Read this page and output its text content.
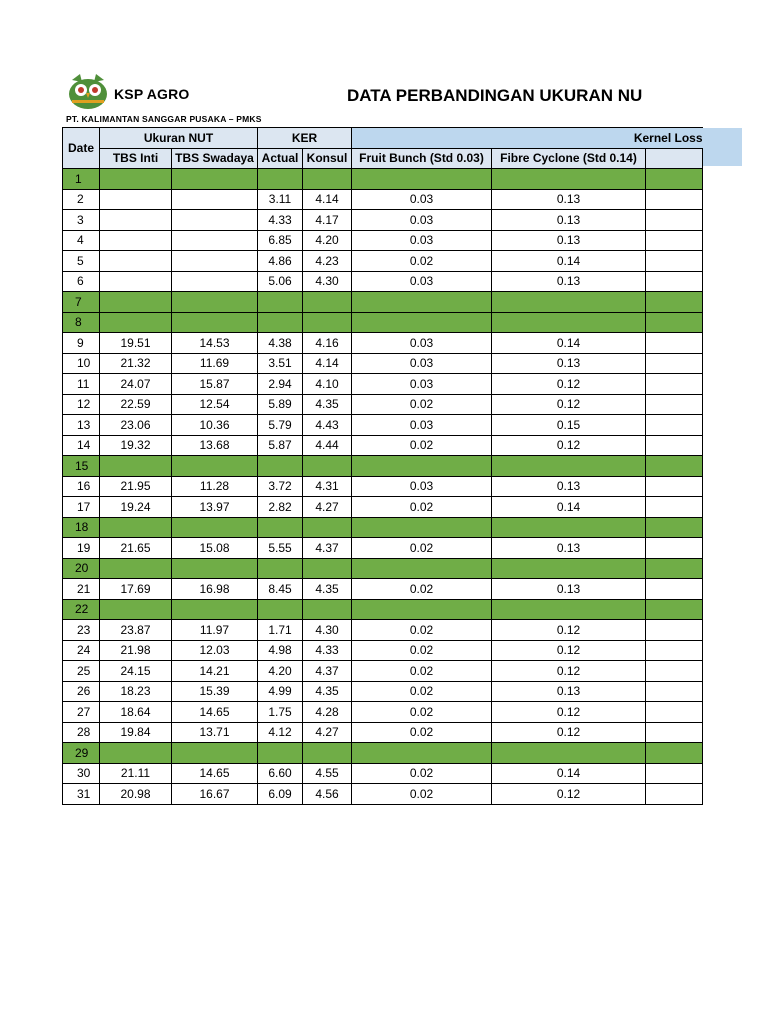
KSP AGRO	DATA PERBANDINGAN UKURAN NU
PT. KALIMANTAN SANGGAR PUSAKA – PMKS
Date	Ukuran NUT		KER		Kernel Loss		
	TBS Inti	TBS Swadaya	Actual	Konsul	Fruit Bunch (Std 0.03)	Fibre Cyclone (Std 0.14)	
1							
2			3.11	4.14	0.03	0.13	
3			4.33	4.17	0.03	0.13	
4			6.85	4.20	0.03	0.13	
5			4.86	4.23	0.02	0.14	
6			5.06	4.30	0.03	0.13	
7							
8							
9	19.51	14.53	4.38	4.16	0.03	0.14	
10	21.32	11.69	3.51	4.14	0.03	0.13	
11	24.07	15.87	2.94	4.10	0.03	0.12	
12	22.59	12.54	5.89	4.35	0.02	0.12	
13	23.06	10.36	5.79	4.43	0.03	0.15	
14	19.32	13.68	5.87	4.44	0.02	0.12	
15							
16	21.95	11.28	3.72	4.31	0.03	0.13	
17	19.24	13.97	2.82	4.27	0.02	0.14	
18							
19	21.65	15.08	5.55	4.37	0.02	0.13	
20							
21	17.69	16.98	8.45	4.35	0.02	0.13	
22							
23	23.87	11.97	1.71	4.30	0.02	0.12	
24	21.98	12.03	4.98	4.33	0.02	0.12	
25	24.15	14.21	4.20	4.37	0.02	0.12	
26	18.23	15.39	4.99	4.35	0.02	0.13	
27	18.64	14.65	1.75	4.28	0.02	0.12	
28	19.84	13.71	4.12	4.27	0.02	0.12	
29							
30	21.11	14.65	6.60	4.55	0.02	0.14	
31	20.98	16.67	6.09	4.56	0.02	0.12	
